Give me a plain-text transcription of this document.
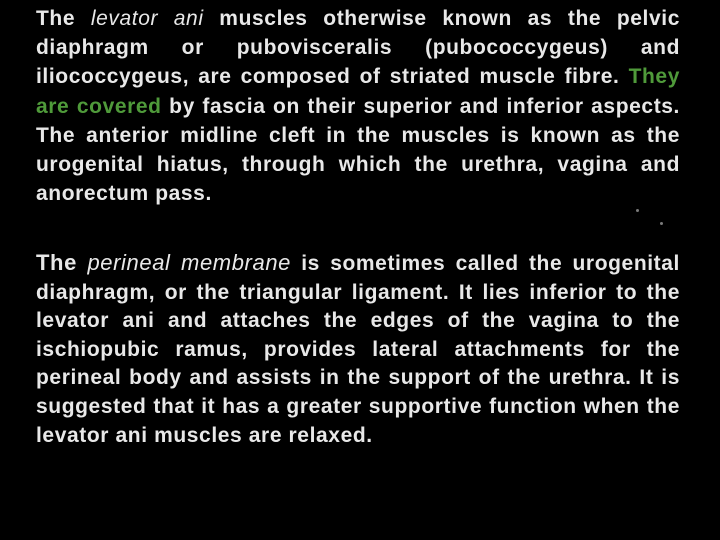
The levator ani muscles otherwise known as the pelvic diaphragm or pubovisceralis (pubococcygeus) and iliococcygeus, are composed of striated muscle fibre. They are covered by fascia on their superior and inferior aspects. The anterior midline cleft in the muscles is known as the urogenital hiatus, through which the urethra, vagina and anorectum pass.

The perineal membrane is sometimes called the urogenital diaphragm, or the triangular ligament. It lies inferior to the levator ani and attaches the edges of the vagina to the ischiopubic ramus, provides lateral attachments for the perineal body and assists in the support of the urethra. It is suggested that it has a greater supportive function when the levator ani muscles are relaxed.
